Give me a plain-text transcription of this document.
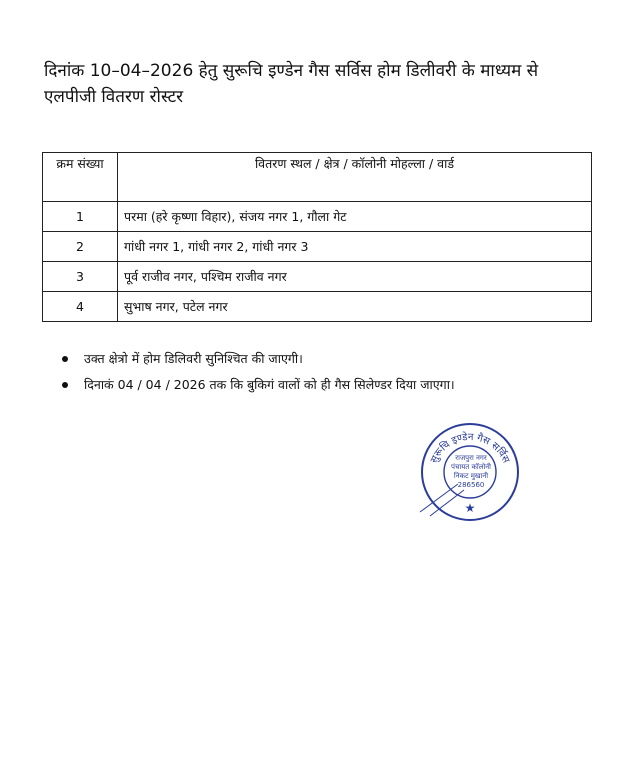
दिनांक 10–04–2026 हेतु सुरूचि इण्डेन गैस सर्विस होम डिलीवरी के माध्यम से एलपीजी वितरण रोस्टर
क्रम संख्या	वितरण स्थल / क्षेत्र / कॉलोनी मोहल्ला / वार्ड
1	परमा (हरे कृष्णा विहार), संजय नगर 1, गौला गेट
2	गांधी नगर 1, गांधी नगर 2, गांधी नगर 3
3	पूर्व राजीव नगर, पश्चिम राजीव नगर
4	सुभाष नगर, पटेल नगर
उक्त क्षेत्रो में होम डिलिवरी सुनिश्चित की जाएगी।
दिनाकं 04 / 04 / 2026 तक कि बुकिगं वालों को ही गैस सिलेण्डर दिया जाएगा।
सुरूचि इण्डेन गैस सर्विस
★
राजपुरा नगर
पंचायत कॉलोनी
निकट मुखानी
286560
